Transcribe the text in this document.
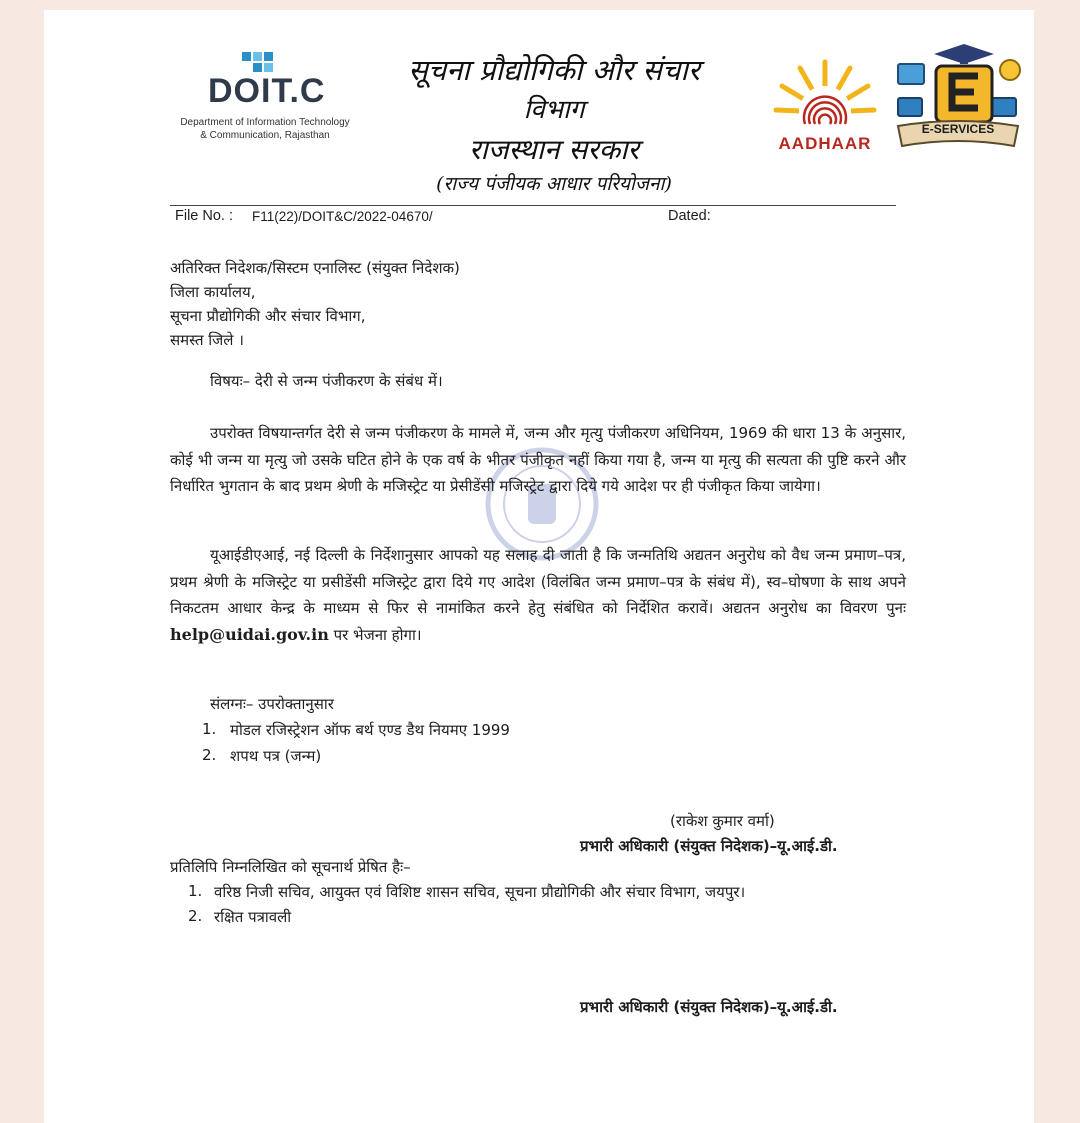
DOIT.C
Department of Information Technology & Communication, Rajasthan
सूचना प्रौद्योगिकी और संचार
विभाग
राजस्थान सरकार
(राज्य पंजीयक आधार परियोजना)
AADHAAR
E-SERVICES
File No. : F11(22)/DOIT&C/2022-04670/	Dated:
अतिरिक्त निदेशक/सिस्टम एनालिस्ट (संयुक्त निदेशक)
जिला कार्यालय,
सूचना प्रौद्योगिकी और संचार विभाग,
समस्त जिले ।
विषयः– देरी से जन्म पंजीकरण के संबंध में।
उपरोक्त विषयान्तर्गत देरी से जन्म पंजीकरण के मामले में, जन्म और मृत्यु पंजीकरण अधिनियम, 1969 की धारा 13 के अनुसार, कोई भी जन्म या मृत्यु जो उसके घटित होने के एक वर्ष के भीतर पंजीकृत नहीं किया गया है, जन्म या मृत्यु की सत्यता की पुष्टि करने और निर्धारित भुगतान के बाद प्रथम श्रेणी के मजिस्ट्रेट या प्रेसीडेंसी मजिस्ट्रेट द्वारा दिये गये आदेश पर ही पंजीकृत किया जायेगा।
यूआईडीएआई, नई दिल्ली के निर्देशानुसार आपको यह सलाह दी जाती है कि जन्मतिथि अद्यतन अनुरोध को वैध जन्म प्रमाण–पत्र, प्रथम श्रेणी के मजिस्ट्रेट या प्रसीडेंसी मजिस्ट्रेट द्वारा दिये गए आदेश (विलंबित जन्म प्रमाण–पत्र के संबंध में), स्व–घोषणा के साथ अपने निकटतम आधार केन्द्र के माध्यम से फिर से नामांकित करने हेतु संबंधित को निर्देशित करावें। अद्यतन अनुरोध का विवरण पुनः help@uidai.gov.in पर भेजना होगा।
संलग्नः– उपरोक्तानुसार
1. मोडल रजिस्ट्रेशन ऑफ बर्थ एण्ड डैथ नियमए 1999
2. शपथ पत्र (जन्म)
(राकेश कुमार वर्मा)
प्रभारी अधिकारी (संयुक्त निदेशक)–यू.आई.डी.
प्रतिलिपि निम्नलिखित को सूचनार्थ प्रेषित हैः–
1. वरिष्ठ निजी सचिव, आयुक्त एवं विशिष्ट शासन सचिव, सूचना प्रौद्योगिकी और संचार विभाग, जयपुर।
2. रक्षित पत्रावली
प्रभारी अधिकारी (संयुक्त निदेशक)–यू.आई.डी.
